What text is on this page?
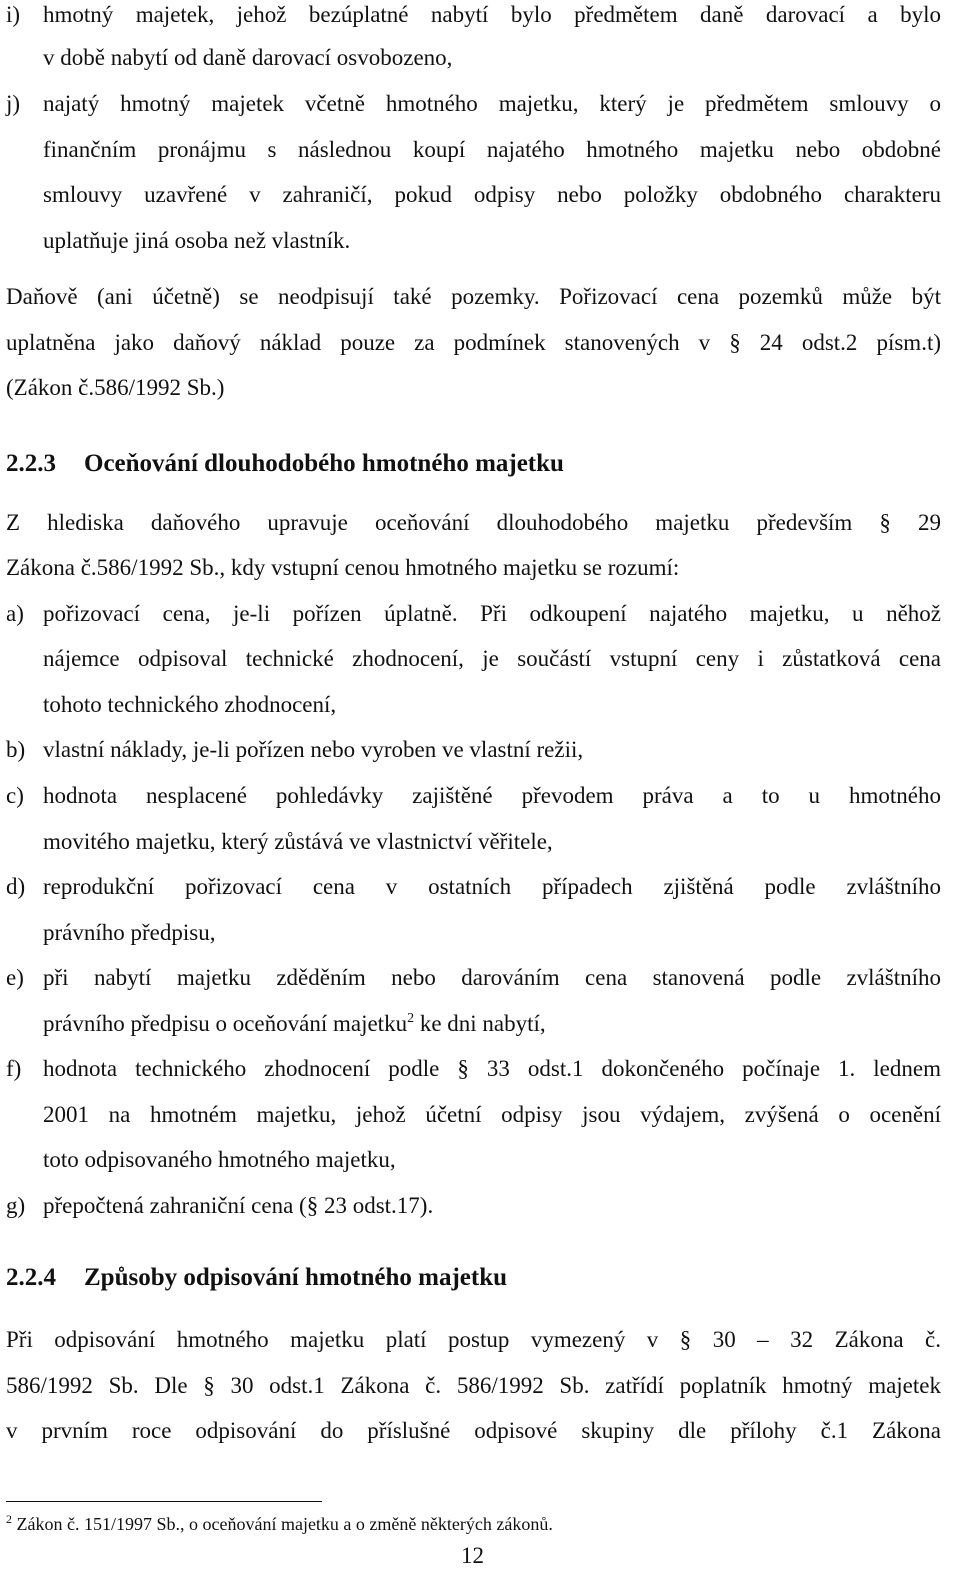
i) hmotný majetek, jehož bezúplatné nabytí bylo předmětem daně darovací a bylo
v době nabytí od daně darovací osvobozeno,
j) najatý hmotný majetek včetně hmotného majetku, který je předmětem smlouvy o
finančním pronájmu s následnou koupí najatého hmotného majetku nebo obdobné
smlouvy uzavřené v zahraničí, pokud odpisy nebo položky obdobného charakteru
uplatňuje jiná osoba než vlastník.
Daňově (ani účetně) se neodpisují také pozemky. Pořizovací cena pozemků může být
uplatněna jako daňový náklad pouze za podmínek stanovených v § 24 odst.2 písm.t)
(Zákon č.586/1992 Sb.)
2.2.3 Oceňování dlouhodobého hmotného majetku
Z hlediska daňového upravuje oceňování dlouhodobého majetku především § 29
Zákona č.586/1992 Sb., kdy vstupní cenou hmotného majetku se rozumí:
a) pořizovací cena, je-li pořízen úplatně. Při odkoupení najatého majetku, u něhož
nájemce odpisoval technické zhodnocení, je součástí vstupní ceny i zůstatková cena
tohoto technického zhodnocení,
b) vlastní náklady, je-li pořízen nebo vyroben ve vlastní režii,
c) hodnota nesplacené pohledávky zajištěné převodem práva a to u hmotného
movitého majetku, který zůstává ve vlastnictví věřitele,
d) reprodukční pořizovací cena v ostatních případech zjištěná podle zvláštního
právního předpisu,
e) při nabytí majetku zděděním nebo darováním cena stanovená podle zvláštního
právního předpisu o oceňování majetku$^2$ ke dni nabytí,
f) hodnota technického zhodnocení podle § 33 odst.1 dokončeného počínaje 1. lednem
2001 na hmotném majetku, jehož účetní odpisy jsou výdajem, zvýšená o ocenění
toto odpisovaného hmotného majetku,
g) přepočtená zahraniční cena (§ 23 odst.17).
2.2.4 Způsoby odpisování hmotného majetku
Při odpisování hmotného majetku platí postup vymezený v § 30 – 32 Zákona č.
586/1992 Sb. Dle § 30 odst.1 Zákona č. 586/1992 Sb. zatřídí poplatník hmotný majetek
v prvním roce odpisování do příslušné odpisové skupiny dle přílohy č.1 Zákona
$^2$ Zákon č. 151/1997 Sb., o oceňování majetku a o změně některých zákonů.
12
